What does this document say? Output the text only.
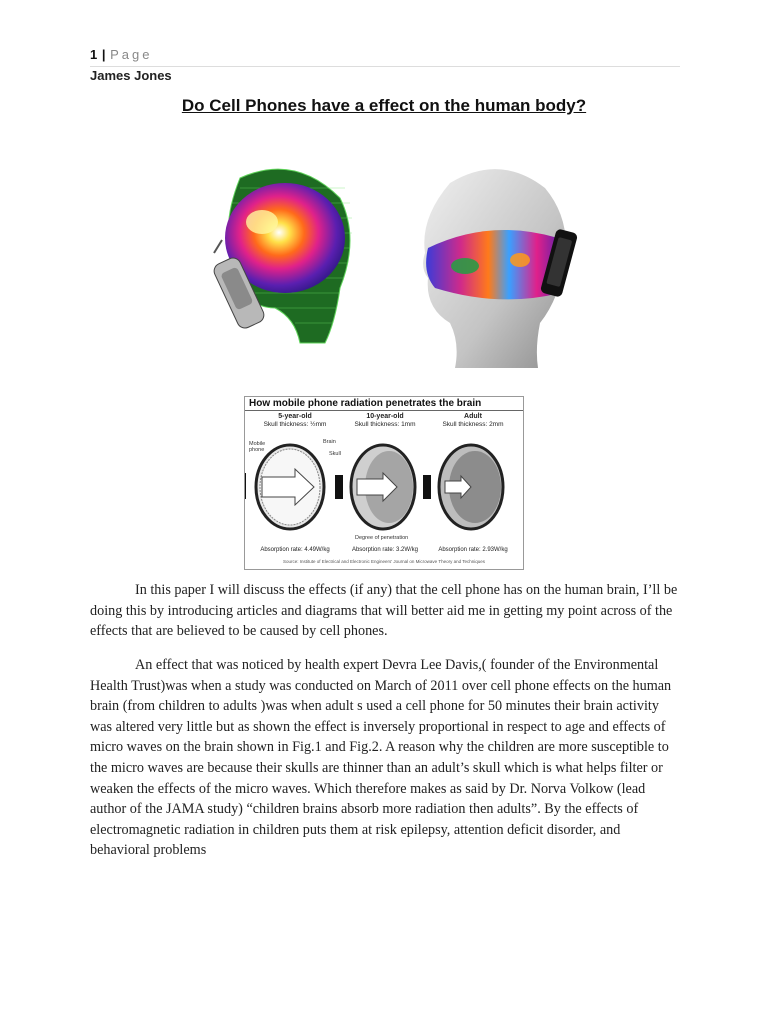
1 | Page
James Jones
Do Cell Phones have a effect on the human body?
How mobile phone radiation penetrates the brain
5-year-old
Skull thickness: ½mm
10-year-old
Skull thickness: 1mm
Adult
Skull thickness: 2mm
Mobile phone
Brain
Skull
Degree of penetration
Absorption rate: 4.49W/kg	Absorption rate: 3.2W/kg	Absorption rate: 2.93W/kg
Source: Institute of Electrical and Electronic Engineers' Journal on Microwave Theory and Techniques

In this paper I will discuss the effects (if any) that the cell phone has on the human brain, I’ll be doing this by introducing articles and diagrams that will better aid me in getting my point across of the effects that are believed to be caused by cell phones.

An effect that was noticed by health expert Devra Lee Davis,( founder of the Environmental Health Trust)was when a study was conducted on March of 2011 over cell phone effects on the human brain (from children to adults )was when adult s used a cell phone for 50 minutes their brain activity was altered very little but as shown the effect is inversely proportional in respect to age and effects of micro waves on the brain shown in Fig.1 and Fig.2. A reason why the children are more susceptible to the micro waves are because their skulls are thinner than an adult’s skull which is what helps filter or weaken the effects of the micro waves. Which therefore makes as said by Dr. Norva Volkow (lead author of the JAMA study) “children brains absorb more radiation then adults”. By the effects of electromagnetic radiation in children puts them at risk epilepsy, attention deficit disorder, and behavioral problems
